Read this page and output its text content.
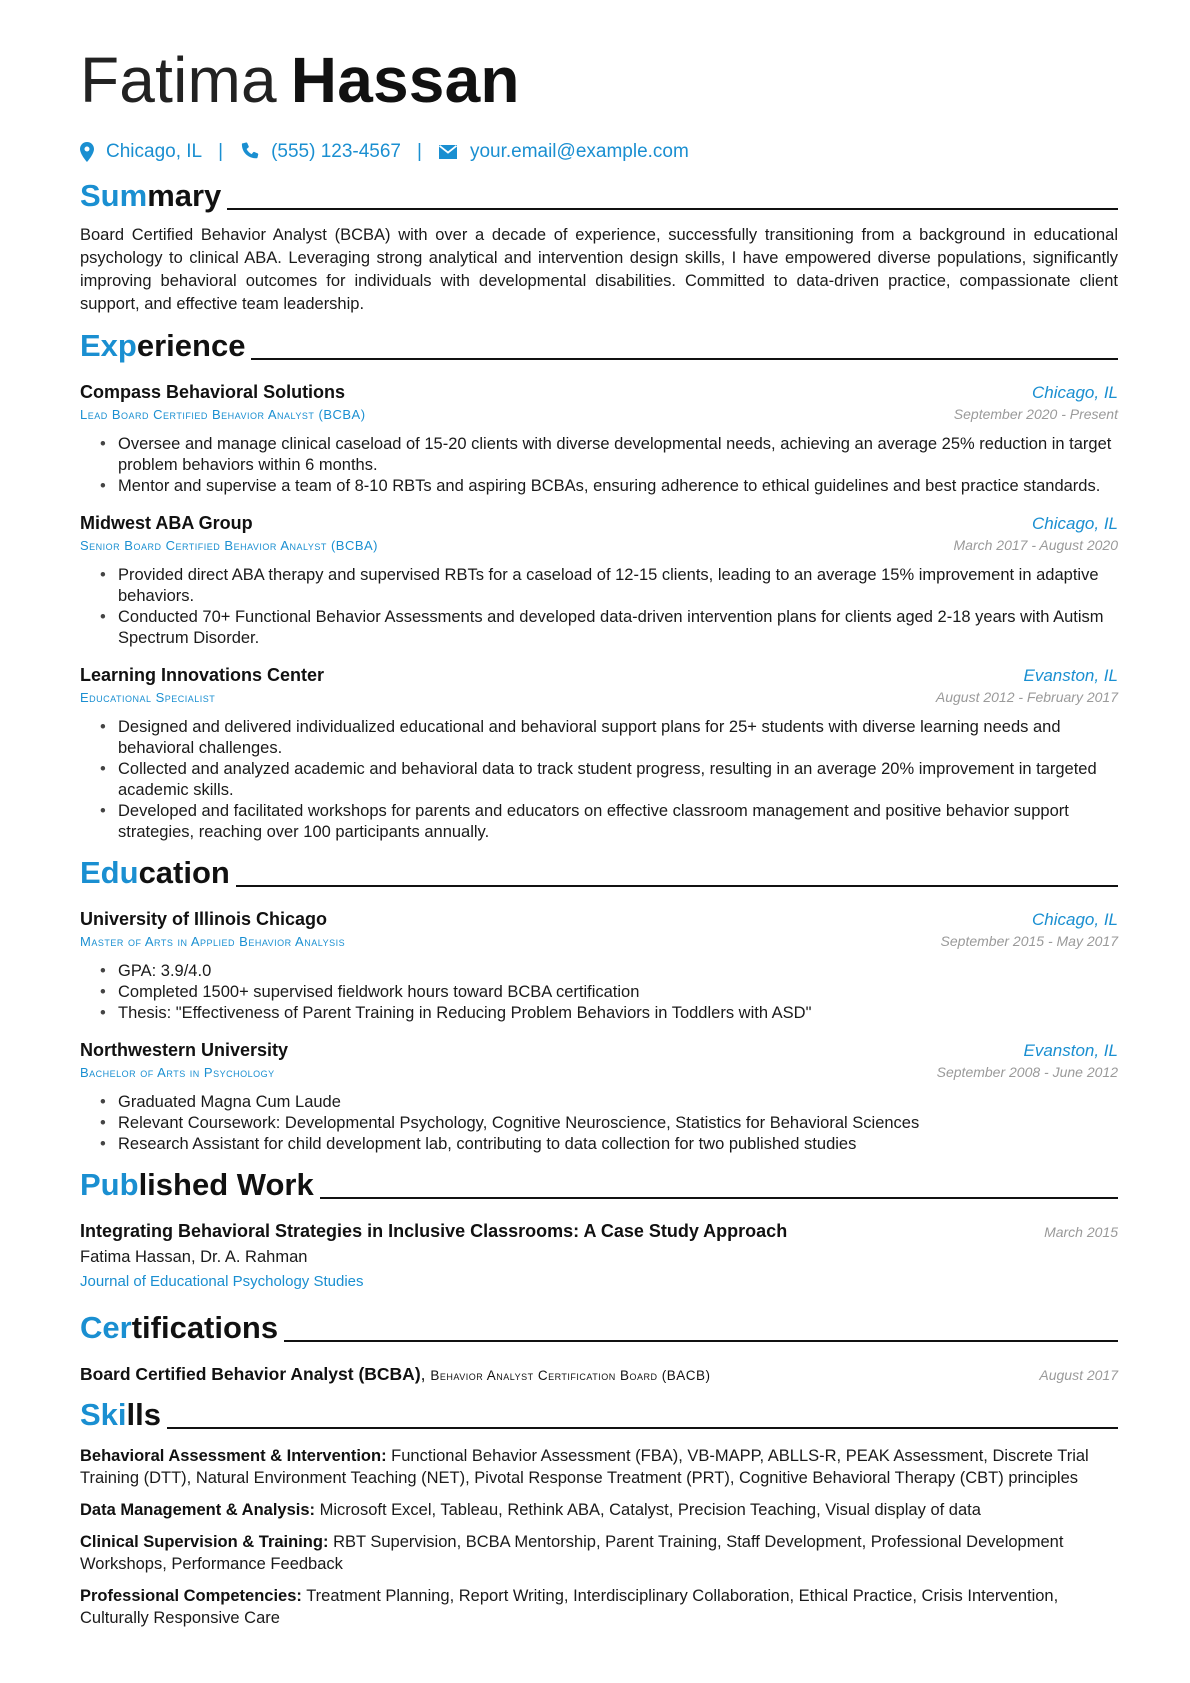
Fatima Hassan
Chicago, IL |	(555) 123-4567 |	your.email@example.com
Summary

Board Certified Behavior Analyst (BCBA) with over a decade of experience, successfully transitioning from a background in educational psychology to clinical ABA. Leveraging strong analytical and intervention design skills, I have empowered diverse populations, significantly improving behavioral outcomes for individuals with developmental disabilities. Committed to data-driven practice, compassionate client support, and effective team leadership.

Experience
Compass Behavioral Solutions	Chicago, IL
Lead Board Certified Behavior Analyst (BCBA)	September 2020 - Present
• Oversee and manage clinical caseload of 15-20 clients with diverse developmental needs, achieving an average 25% reduction in target problem behaviors within 6 months.
• Mentor and supervise a team of 8-10 RBTs and aspiring BCBAs, ensuring adherence to ethical guidelines and best practice standards.
Midwest ABA Group	Chicago, IL
Senior Board Certified Behavior Analyst (BCBA)	March 2017 - August 2020
• Provided direct ABA therapy and supervised RBTs for a caseload of 12-15 clients, leading to an average 15% improvement in adaptive behaviors.
• Conducted 70+ Functional Behavior Assessments and developed data-driven intervention plans for clients aged 2-18 years with Autism Spectrum Disorder.
Learning Innovations Center	Evanston, IL
Educational Specialist	August 2012 - February 2017
• Designed and delivered individualized educational and behavioral support plans for 25+ students with diverse learning needs and behavioral challenges.
• Collected and analyzed academic and behavioral data to track student progress, resulting in an average 20% improvement in targeted academic skills.
• Developed and facilitated workshops for parents and educators on effective classroom management and positive behavior support strategies, reaching over 100 participants annually.
Education
University of Illinois Chicago	Chicago, IL
Master of Arts in Applied Behavior Analysis	September 2015 - May 2017
• GPA: 3.9/4.0
• Completed 1500+ supervised fieldwork hours toward BCBA certification
• Thesis: "Effectiveness of Parent Training in Reducing Problem Behaviors in Toddlers with ASD"
Northwestern University	Evanston, IL
Bachelor of Arts in Psychology	September 2008 - June 2012
• Graduated Magna Cum Laude
• Relevant Coursework: Developmental Psychology, Cognitive Neuroscience, Statistics for Behavioral Sciences
• Research Assistant for child development lab, contributing to data collection for two published studies
Published Work
Integrating Behavioral Strategies in Inclusive Classrooms: A Case Study Approach	March 2015
Fatima Hassan, Dr. A. Rahman
Journal of Educational Psychology Studies
Certifications
Board Certified Behavior Analyst (BCBA), Behavior Analyst Certification Board (BACB)	August 2017
Skills
Behavioral Assessment & Intervention: Functional Behavior Assessment (FBA), VB-MAPP, ABLLS-R, PEAK Assessment, Discrete Trial Training (DTT), Natural Environment Teaching (NET), Pivotal Response Treatment (PRT), Cognitive Behavioral Therapy (CBT) principles
Data Management & Analysis: Microsoft Excel, Tableau, Rethink ABA, Catalyst, Precision Teaching, Visual display of data
Clinical Supervision & Training: RBT Supervision, BCBA Mentorship, Parent Training, Staff Development, Professional Development Workshops, Performance Feedback
Professional Competencies: Treatment Planning, Report Writing, Interdisciplinary Collaboration, Ethical Practice, Crisis Intervention, Culturally Responsive Care
